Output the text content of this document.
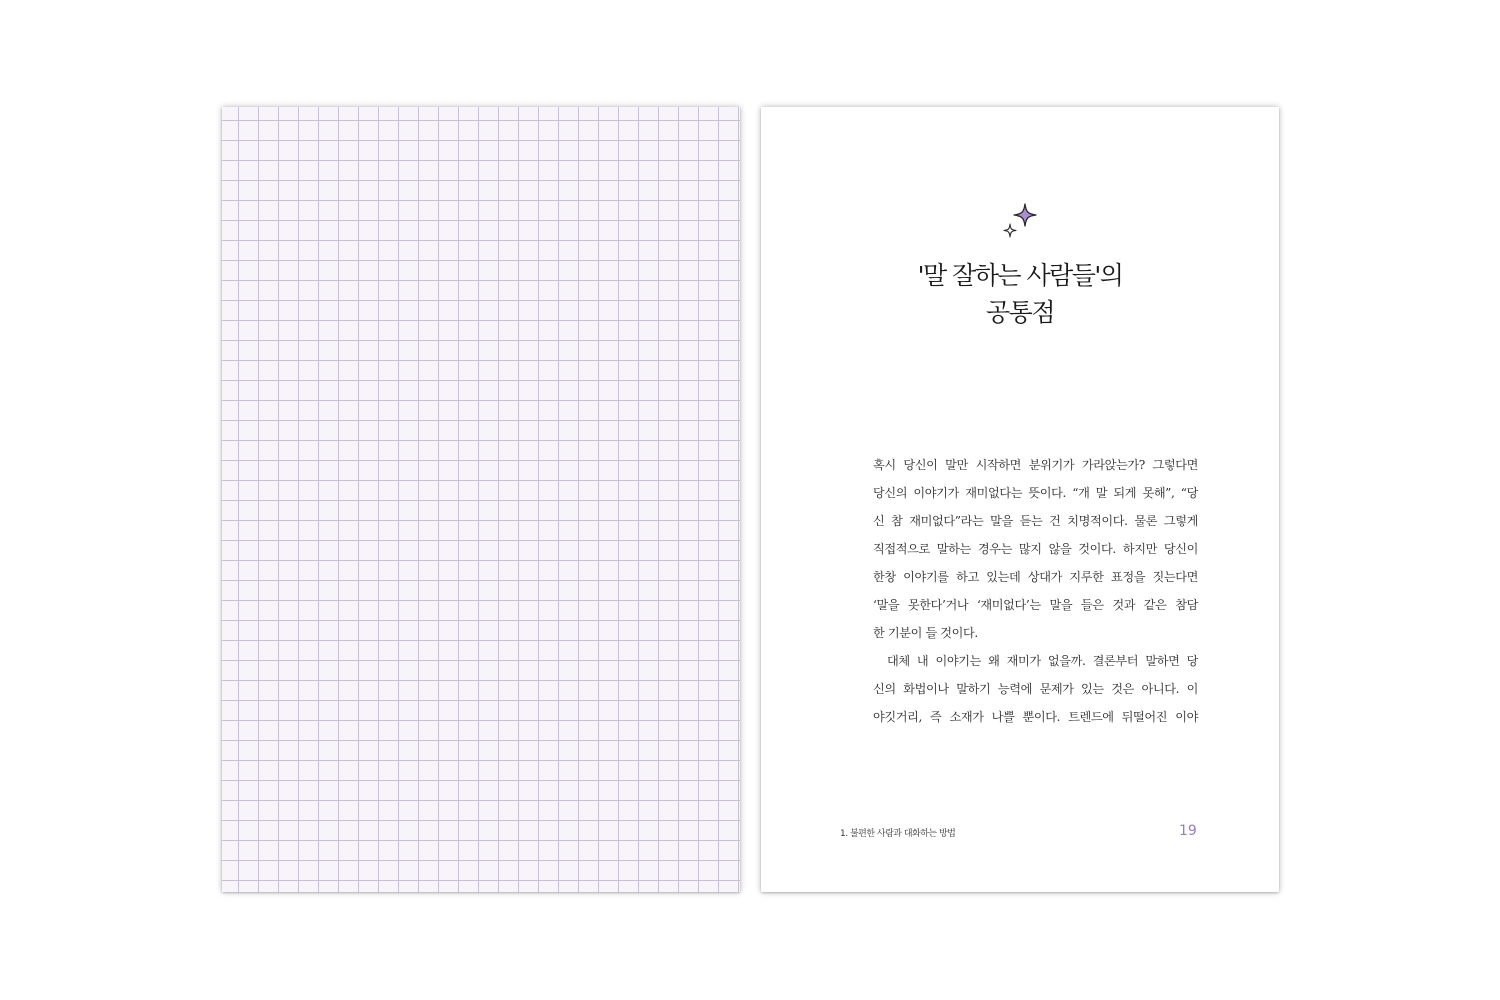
'말 잘하는 사람들'의
공통점
혹시 당신이 말만 시작하면 분위기가 가라앉는가? 그렇다면
당신의 이야기가 재미없다는 뜻이다. “개 말 되게 못해”, “당
신 참 재미없다”라는 말을 듣는 건 치명적이다. 물론 그렇게
직접적으로 말하는 경우는 많지 않을 것이다. 하지만 당신이
한창 이야기를 하고 있는데 상대가 지루한 표정을 짓는다면
‘말을 못한다’거나 ‘재미없다’는 말을 들은 것과 같은 참담
한 기분이 들 것이다.
대체 내 이야기는 왜 재미가 없을까. 결론부터 말하면 당
신의 화법이나 말하기 능력에 문제가 있는 것은 아니다. 이
야깃거리, 즉 소재가 나쁠 뿐이다. 트렌드에 뒤떨어진 이야
1. 불편한 사람과 대화하는 방법	19
